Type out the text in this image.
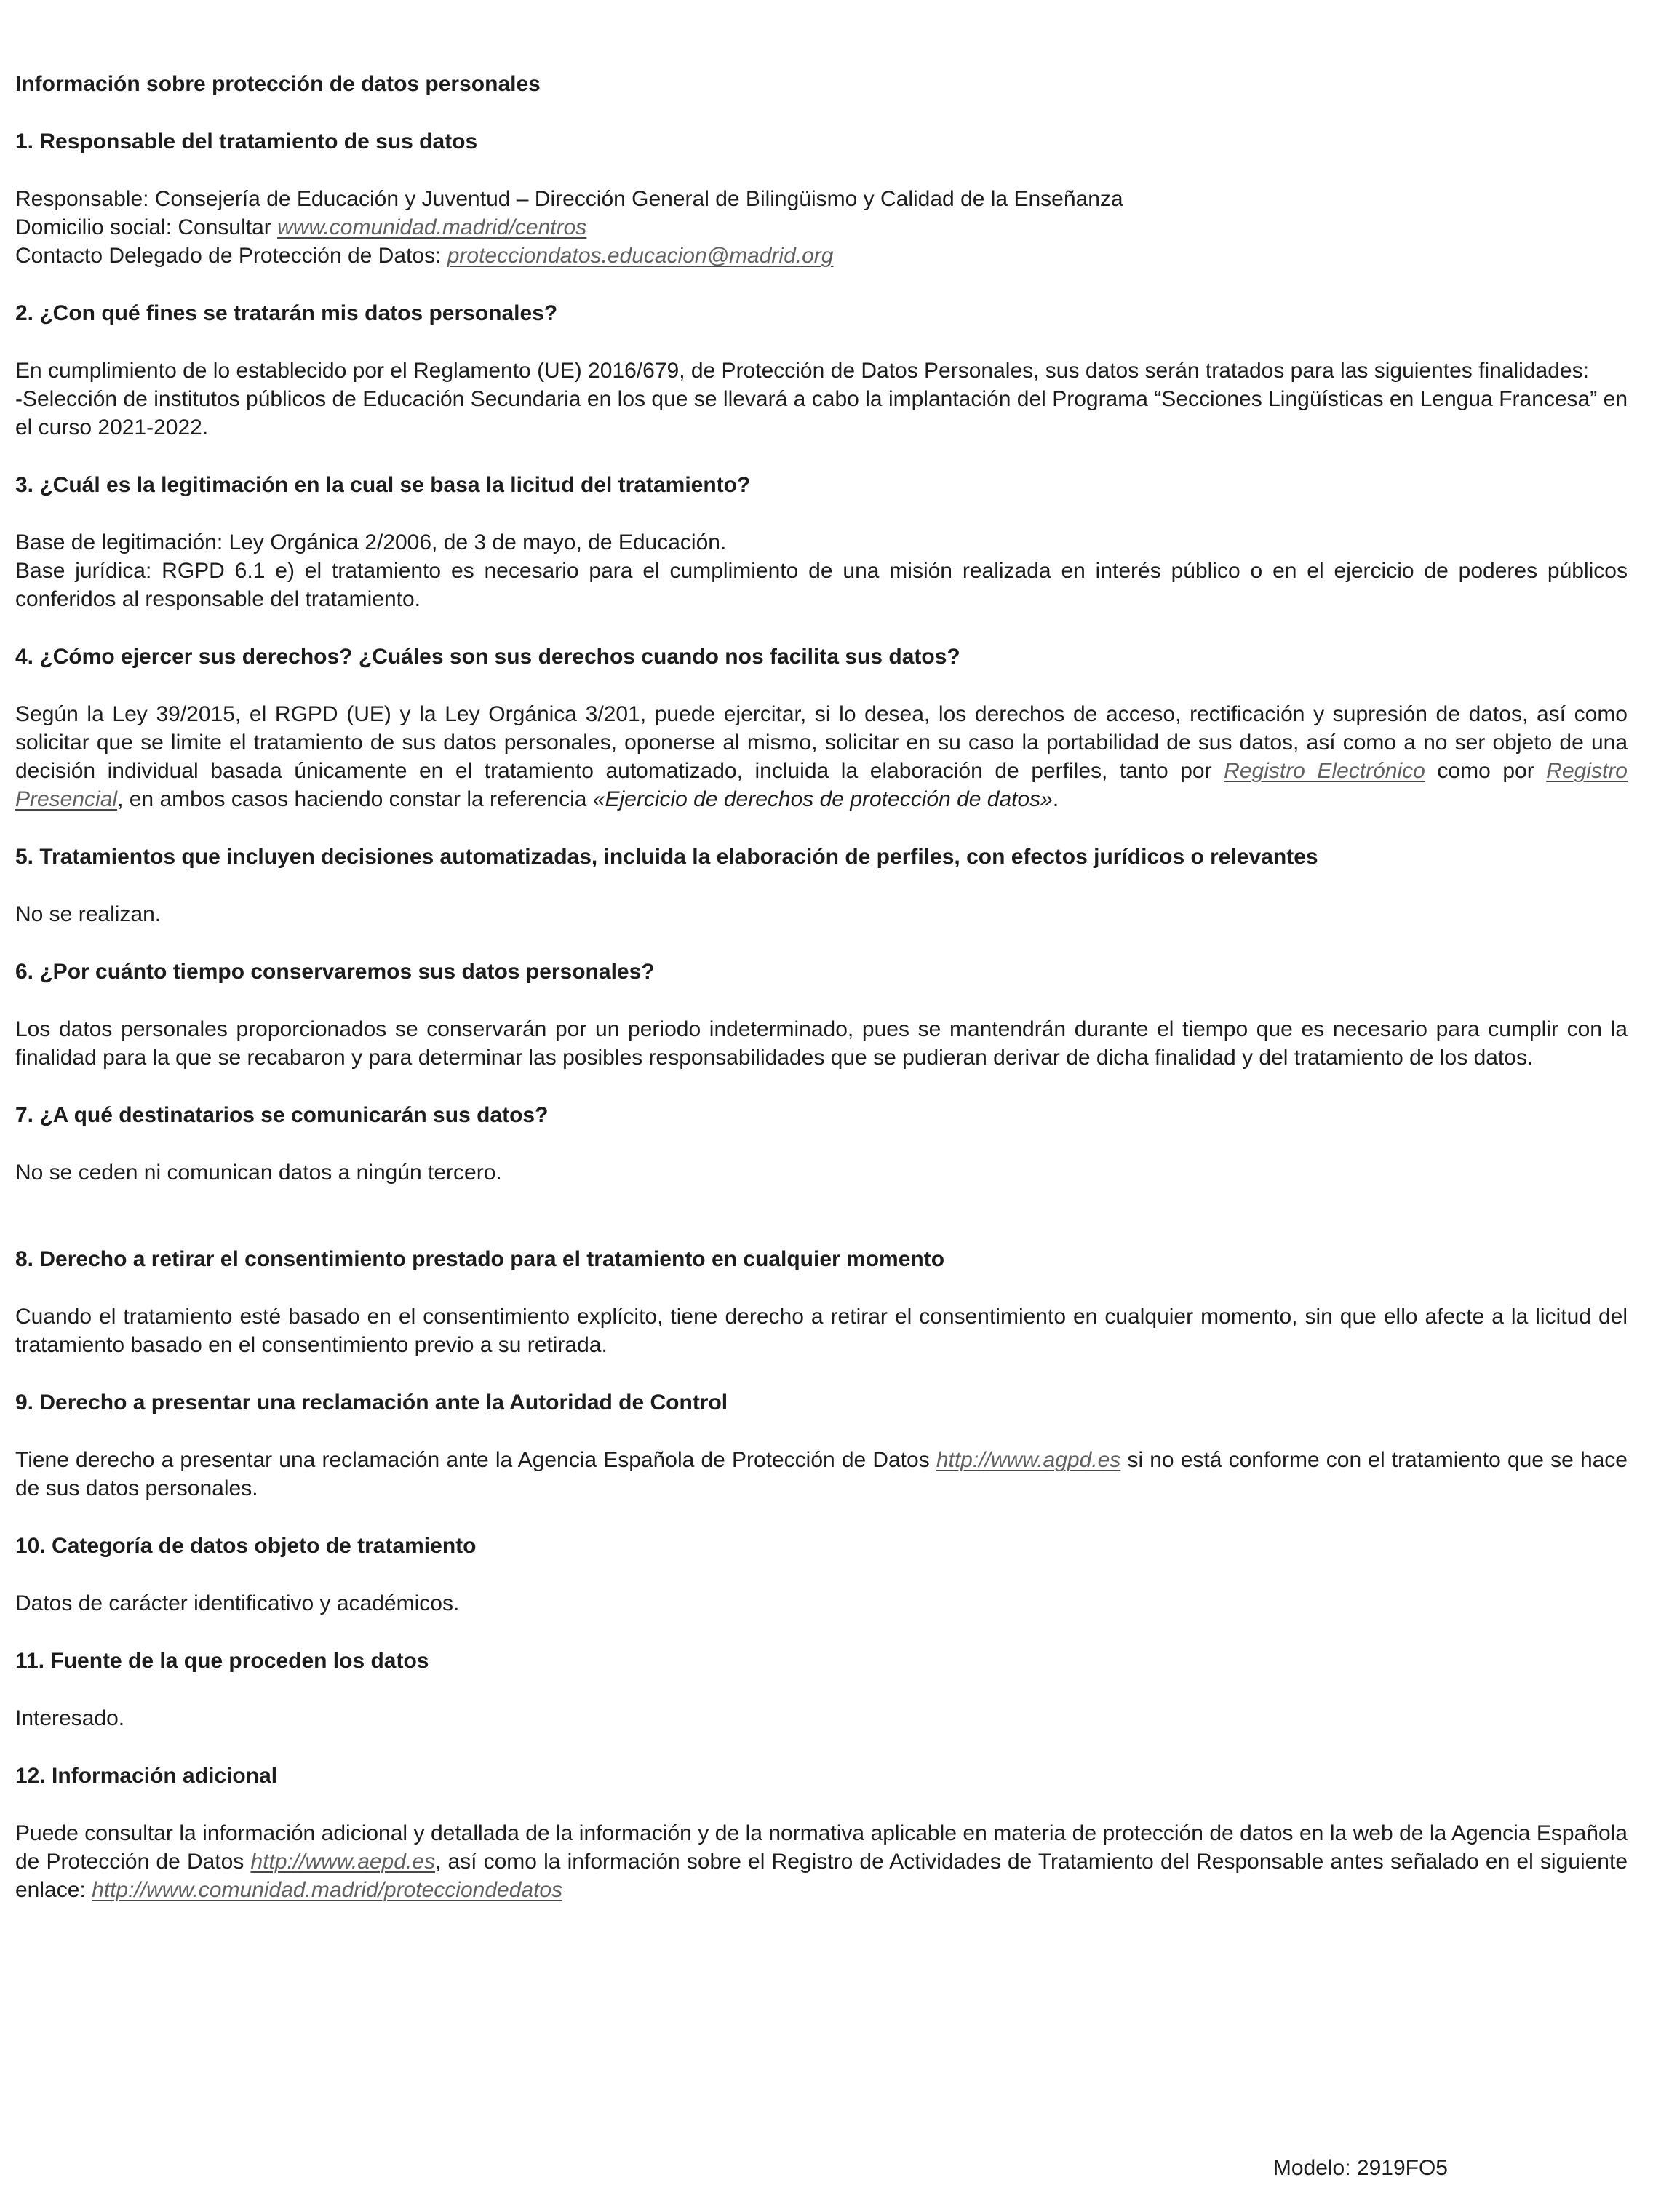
Información sobre protección de datos personales
1. Responsable del tratamiento de sus datos

Responsable: Consejería de Educación y Juventud – Dirección General de Bilingüismo y Calidad de la Enseñanza
Domicilio social: Consultar www.comunidad.madrid/centros
Contacto Delegado de Protección de Datos: protecciondatos.educacion@madrid.org

2. ¿Con qué fines se tratarán mis datos personales?

En cumplimiento de lo establecido por el Reglamento (UE) 2016/679, de Protección de Datos Personales, sus datos serán tratados para las siguientes finalidades:

-Selección de institutos públicos de Educación Secundaria en los que se llevará a cabo la implantación del Programa “Secciones Lingüísticas en Lengua Francesa” en el curso 2021-2022.

3. ¿Cuál es la legitimación en la cual se basa la licitud del tratamiento?

Base de legitimación: Ley Orgánica 2/2006, de 3 de mayo, de Educación.

Base jurídica: RGPD 6.1 e) el tratamiento es necesario para el cumplimiento de una misión realizada en interés público o en el ejercicio de poderes públicos conferidos al responsable del tratamiento.

4. ¿Cómo ejercer sus derechos? ¿Cuáles son sus derechos cuando nos facilita sus datos?

Según la Ley 39/2015, el RGPD (UE) y la Ley Orgánica 3/201, puede ejercitar, si lo desea, los derechos de acceso, rectificación y supresión de datos, así como solicitar que se limite el tratamiento de sus datos personales, oponerse al mismo, solicitar en su caso la portabilidad de sus datos, así como a no ser objeto de una decisión individual basada únicamente en el tratamiento automatizado, incluida la elaboración de perfiles, tanto por Registro Electrónico como por Registro Presencial, en ambos casos haciendo constar la referencia «Ejercicio de derechos de protección de datos».

5. Tratamientos que incluyen decisiones automatizadas, incluida la elaboración de perfiles, con efectos jurídicos o relevantes

No se realizan.

6. ¿Por cuánto tiempo conservaremos sus datos personales?

Los datos personales proporcionados se conservarán por un periodo indeterminado, pues se mantendrán durante el tiempo que es necesario para cumplir con la finalidad para la que se recabaron y para determinar las posibles responsabilidades que se pudieran derivar de dicha finalidad y del tratamiento de los datos.

7. ¿A qué destinatarios se comunicarán sus datos?

No se ceden ni comunican datos a ningún tercero.

8. Derecho a retirar el consentimiento prestado para el tratamiento en cualquier momento

Cuando el tratamiento esté basado en el consentimiento explícito, tiene derecho a retirar el consentimiento en cualquier momento, sin que ello afecte a la licitud del tratamiento basado en el consentimiento previo a su retirada.

9. Derecho a presentar una reclamación ante la Autoridad de Control

Tiene derecho a presentar una reclamación ante la Agencia Española de Protección de Datos http://www.agpd.es si no está conforme con el tratamiento que se hace de sus datos personales.

10. Categoría de datos objeto de tratamiento

Datos de carácter identificativo y académicos.

11. Fuente de la que proceden los datos

Interesado.

12. Información adicional

Puede consultar la información adicional y detallada de la información y de la normativa aplicable en materia de protección de datos en la web de la Agencia Española de Protección de Datos http://www.aepd.es, así como la información sobre el Registro de Actividades de Tratamiento del Responsable antes señalado en el siguiente enlace: http://www.comunidad.madrid/protecciondedatos

Modelo: 2919FO5
